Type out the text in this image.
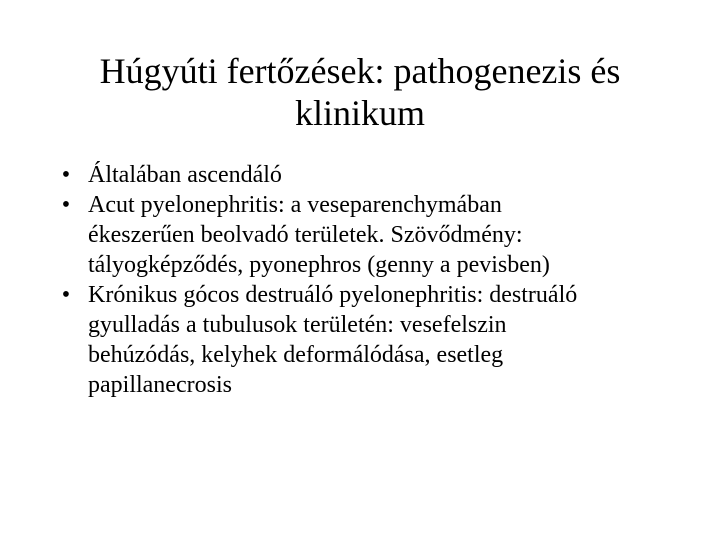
Húgyúti fertőzések: pathogenezis és
klinikum
• Általában ascendáló
• Acut pyelonephritis: a veseparenchymában
ékeszerűen beolvadó területek. Szövődmény:
tályogképződés, pyonephros (genny a pevisben)
• Krónikus gócos destruáló pyelonephritis: destruáló
gyulladás a tubulusok területén: vesefelszin
behúzódás, kelyhek deformálódása, esetleg
papillanecrosis
